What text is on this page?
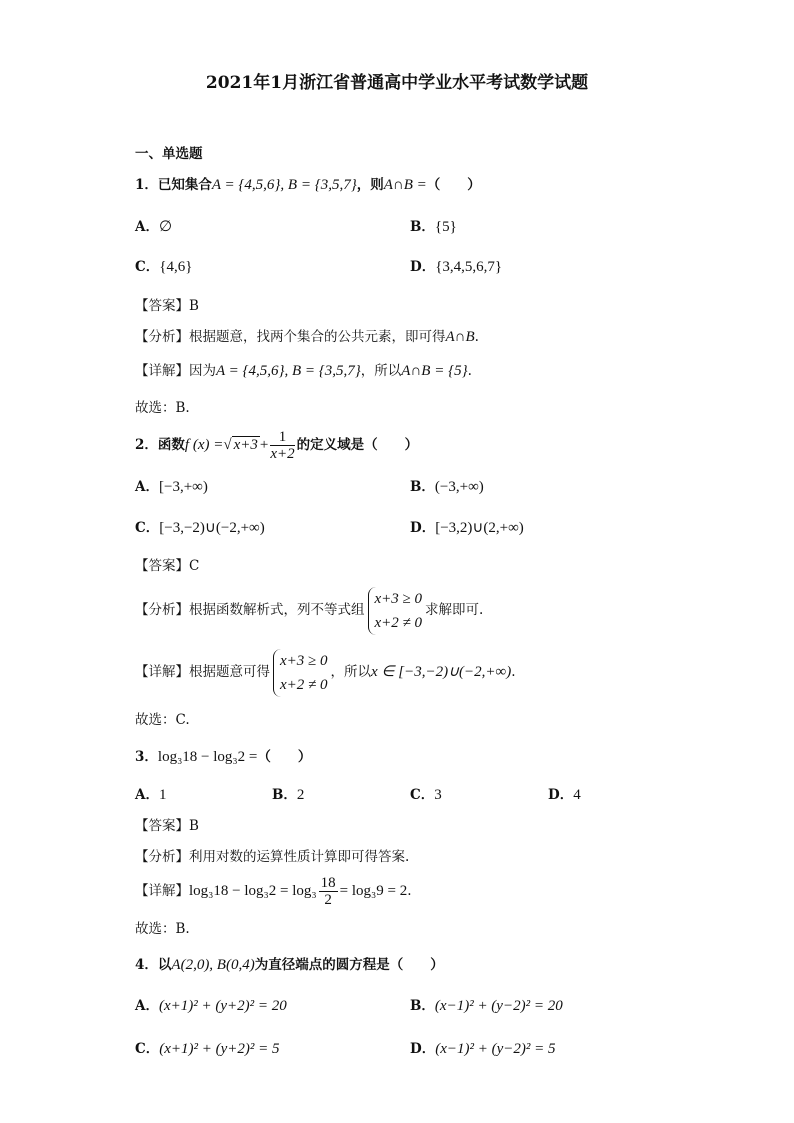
2021年1月浙江省普通高中学业水平考试数学试题
一、单选题
1．已知集合A = {4,5,6}, B = {3,5,7}，则A∩B =（　　）
A．∅	B．{5}
C．{4,6}	D．{3,4,5,6,7}
【答案】B
【分析】根据题意，找两个集合的公共元素，即可得A∩B.
【详解】因为A = {4,5,6}, B = {3,5,7}，所以A∩B = {5}.
故选：B.
2．函数f (x) =√ $x+3 + \frac{1}{x+2}$ 的定义域是（　　）
A．[−3,+∞)	B．(−3,+∞)
C．[−3,−2)∪(−2,+∞)	D．[−3,2)∪(2,+∞)
【答案】C
【分析】根据函数解析式，列不等式组
x+3 ≥ 0
x+2 ≠ 0
求解即可.
【详解】根据题意可得
x+3 ≥ 0
x+2 ≠ 0
，所以x ∈ [−3,−2)∪(−2,+∞).
故选：C.
3．log₃18 − log₃2 =（　　）
A．1	B．2	C．3	D．4
【答案】B
【分析】利用对数的运算性质计算即可得答案.
【详解】$\log_318 - \log_32 = \log_3 \frac{18}{2} = \log_39 = 2$.
故选：B.
4．以A(2,0), B(0,4)为直径端点的圆方程是（　　）
A．(x+1)² + (y+2)² = 20	B．(x−1)² + (y−2)² = 20
C．(x+1)² + (y+2)² = 5	D．(x−1)² + (y−2)² = 5
